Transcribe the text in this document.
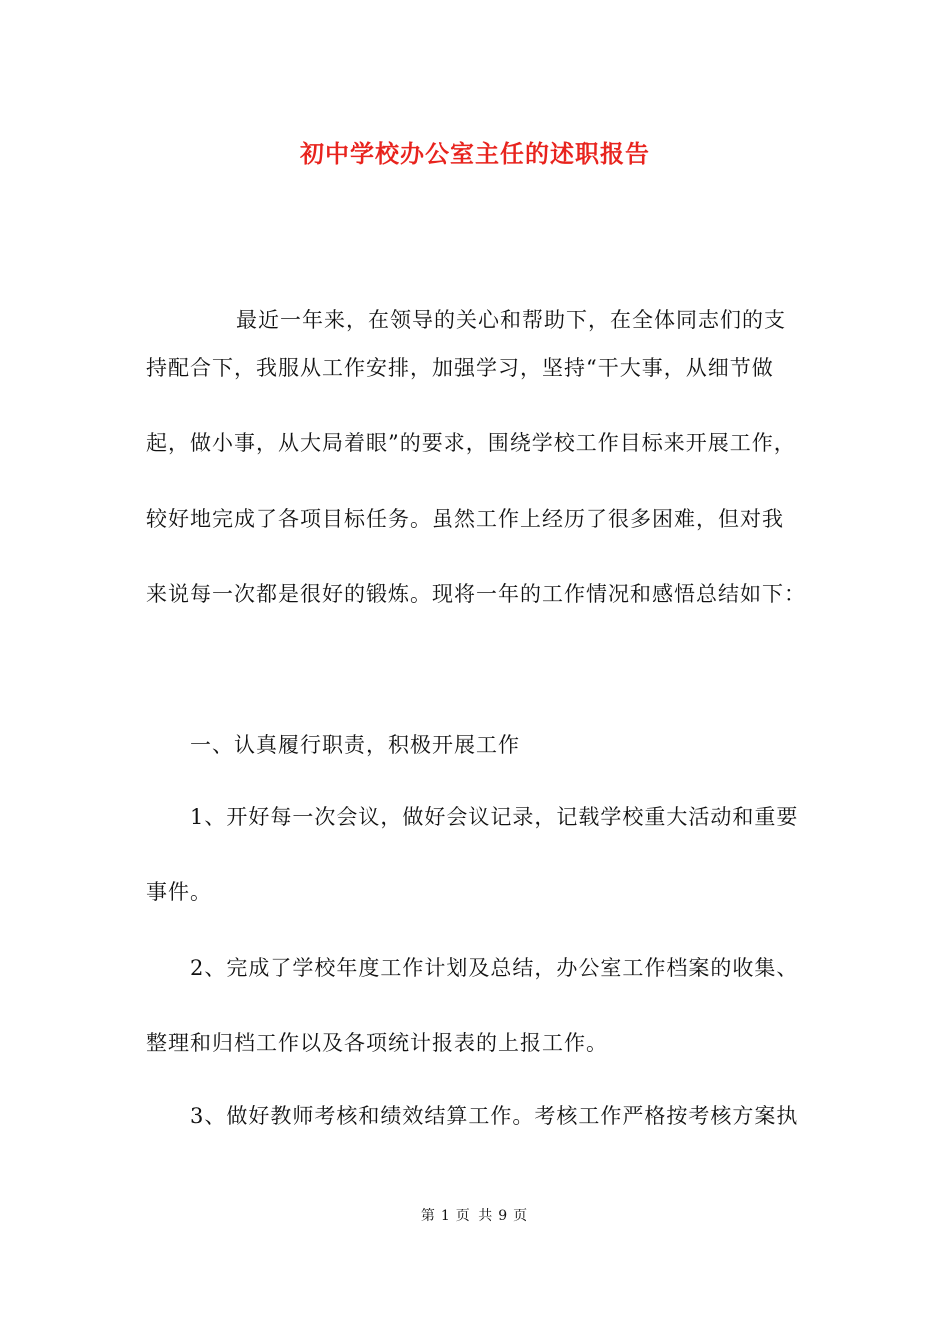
初中学校办公室主任的述职报告
最近一年来，在领导的关心和帮助下，在全体同志们的支
持配合下，我服从工作安排，加强学习，坚持“干大事，从细节做
起，做小事，从大局着眼”的要求，围绕学校工作目标来开展工作，
较好地完成了各项目标任务。虽然工作上经历了很多困难，但对我
来说每一次都是很好的锻炼。现将一年的工作情况和感悟总结如下：
一、认真履行职责，积极开展工作
1、开好每一次会议，做好会议记录，记载学校重大活动和重要
事件。
2、完成了学校年度工作计划及总结，办公室工作档案的收集、
整理和归档工作以及各项统计报表的上报工作。
3、做好教师考核和绩效结算工作。考核工作严格按考核方案执
第 1 页 共 9 页
